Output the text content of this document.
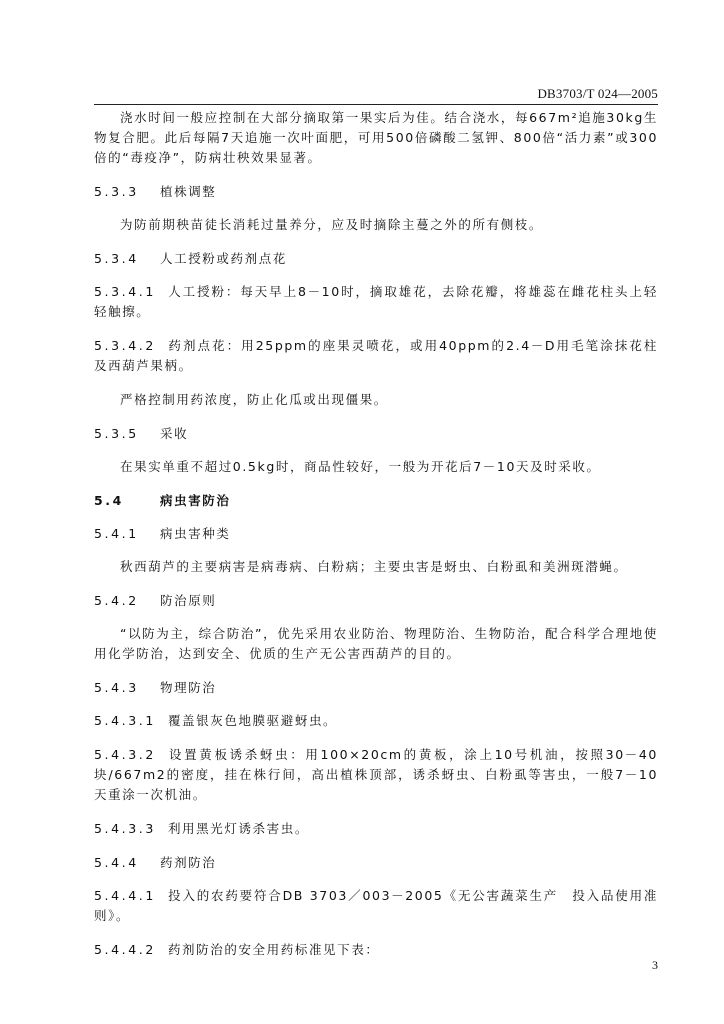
DB3703/T 024—2005

浇水时间一般应控制在大部分摘取第一果实后为佳。结合浇水，每667m²追施30kg生物复合肥。此后每隔7天追施一次叶面肥，可用500倍磷酸二氢钾、800倍“活力素”或300倍的“毒疫净”，防病壮秧效果显著。

5.3.3 植株调整

为防前期秧苗徒长消耗过量养分，应及时摘除主蔓之外的所有侧枝。

5.3.4 人工授粉或药剂点花

5.3.4.1 人工授粉：每天早上8－10时，摘取雄花，去除花瓣，将雄蕊在雌花柱头上轻轻触擦。

5.3.4.2 药剂点花：用25ppm的座果灵喷花，或用40ppm的2.4－D用毛笔涂抹花柱及西葫芦果柄。

严格控制用药浓度，防止化瓜或出现僵果。

5.3.5 采收

在果实单重不超过0.5kg时，商品性较好，一般为开花后7－10天及时采收。

5.4	病虫害防治
5.4.1 病虫害种类

秋西葫芦的主要病害是病毒病、白粉病；主要虫害是蚜虫、白粉虱和美洲斑潜蝇。

5.4.2 防治原则

“以防为主，综合防治”，优先采用农业防治、物理防治、生物防治，配合科学合理地使用化学防治，达到安全、优质的生产无公害西葫芦的目的。

5.4.3 物理防治

5.4.3.1 覆盖银灰色地膜驱避蚜虫。

5.4.3.2 设置黄板诱杀蚜虫：用100×20cm的黄板，涂上10号机油，按照30－40块/667m2的密度，挂在株行间，高出植株顶部，诱杀蚜虫、白粉虱等害虫，一般7－10天重涂一次机油。

5.4.3.3 利用黑光灯诱杀害虫。

5.4.4 药剂防治

5.4.4.1 投入的农药要符合DB 3703／003－2005《无公害蔬菜生产　投入品使用准则》。

5.4.4.2 药剂防治的安全用药标准见下表：

3
